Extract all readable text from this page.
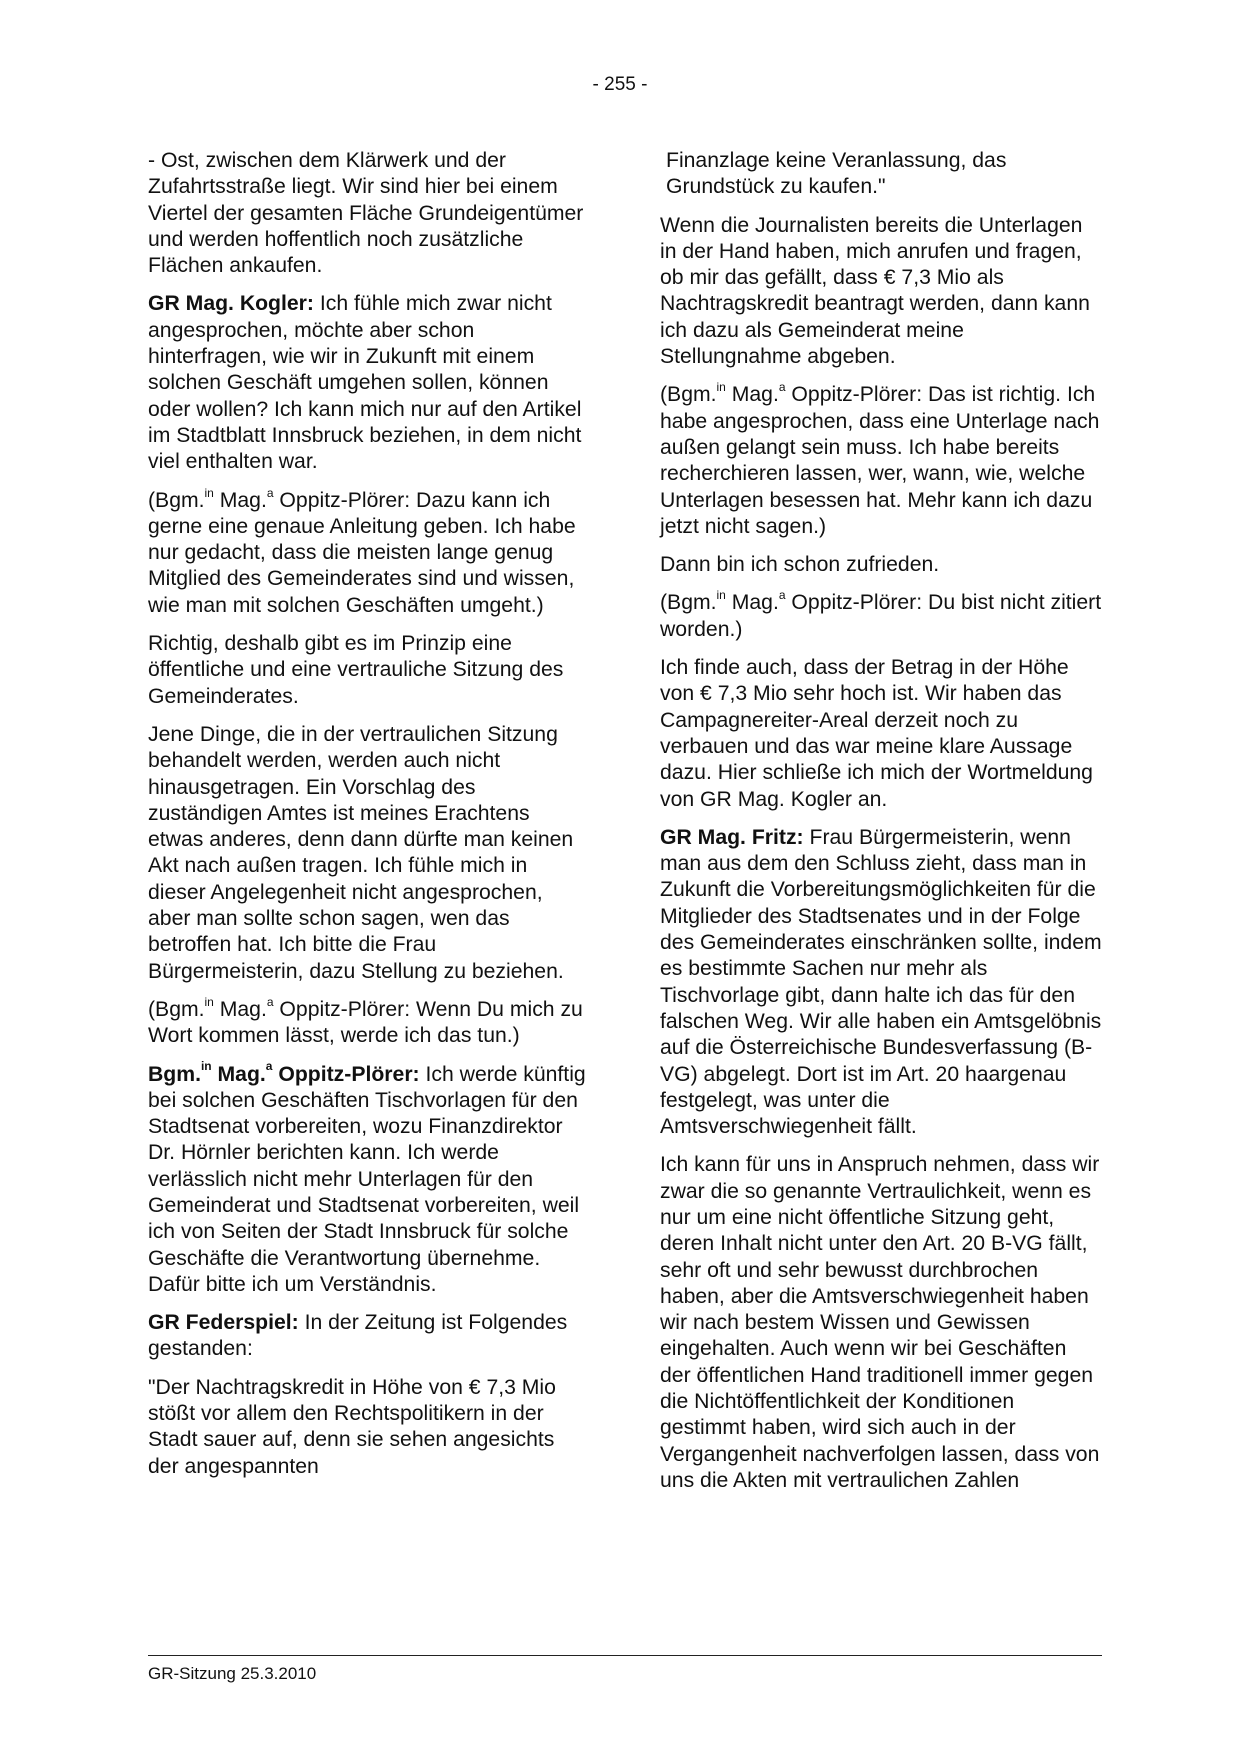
- 255 -

- Ost, zwischen dem Klärwerk und der Zufahrtsstraße liegt. Wir sind hier bei einem Viertel der gesamten Fläche Grundeigentümer und werden hoffentlich noch zusätzliche Flächen ankaufen.

GR Mag. Kogler: Ich fühle mich zwar nicht angesprochen, möchte aber schon hinterfragen, wie wir in Zukunft mit einem solchen Geschäft umgehen sollen, können oder wollen? Ich kann mich nur auf den Artikel im Stadtblatt Innsbruck beziehen, in dem nicht viel enthalten war.

(Bgm.$^{in}$ Mag.$^a$ Oppitz-Plörer: Dazu kann ich gerne eine genaue Anleitung geben. Ich habe nur gedacht, dass die meisten lange genug Mitglied des Gemeinderates sind und wissen, wie man mit solchen Geschäften umgeht.)

Richtig, deshalb gibt es im Prinzip eine öffentliche und eine vertrauliche Sitzung des Gemeinderates.

Jene Dinge, die in der vertraulichen Sitzung behandelt werden, werden auch nicht hinausgetragen. Ein Vorschlag des zuständigen Amtes ist meines Erachtens etwas anderes, denn dann dürfte man keinen Akt nach außen tragen. Ich fühle mich in dieser Angelegenheit nicht angesprochen, aber man sollte schon sagen, wen das betroffen hat. Ich bitte die Frau Bürgermeisterin, dazu Stellung zu beziehen.

(Bgm.$^{in}$ Mag.$^a$ Oppitz-Plörer: Wenn Du mich zu Wort kommen lässt, werde ich das tun.)

Bgm.$^{in}$ Mag.$^a$ Oppitz-Plörer: Ich werde künftig bei solchen Geschäften Tischvorlagen für den Stadtsenat vorbereiten, wozu Finanzdirektor Dr. Hörnler berichten kann. Ich werde verlässlich nicht mehr Unterlagen für den Gemeinderat und Stadtsenat vorbereiten, weil ich von Seiten der Stadt Innsbruck für solche Geschäfte die Verantwortung übernehme. Dafür bitte ich um Verständnis.

GR Federspiel: In der Zeitung ist Folgendes gestanden:

"Der Nachtragskredit in Höhe von € 7,3 Mio stößt vor allem den Rechtspolitikern in der Stadt sauer auf, denn sie sehen angesichts der angespannten

Finanzlage keine Veranlassung, das Grundstück zu kaufen."

Wenn die Journalisten bereits die Unterlagen in der Hand haben, mich anrufen und fragen, ob mir das gefällt, dass € 7,3 Mio als Nachtragskredit beantragt werden, dann kann ich dazu als Gemeinderat meine Stellungnahme abgeben.

(Bgm.$^{in}$ Mag.$^a$ Oppitz-Plörer: Das ist richtig. Ich habe angesprochen, dass eine Unterlage nach außen gelangt sein muss. Ich habe bereits recherchieren lassen, wer, wann, wie, welche Unterlagen besessen hat. Mehr kann ich dazu jetzt nicht sagen.)

Dann bin ich schon zufrieden.

(Bgm.$^{in}$ Mag.$^a$ Oppitz-Plörer: Du bist nicht zitiert worden.)

Ich finde auch, dass der Betrag in der Höhe von € 7,3 Mio sehr hoch ist. Wir haben das Campagnereiter-Areal derzeit noch zu verbauen und das war meine klare Aussage dazu. Hier schließe ich mich der Wortmeldung von GR Mag. Kogler an.

GR Mag. Fritz: Frau Bürgermeisterin, wenn man aus dem den Schluss zieht, dass man in Zukunft die Vorbereitungsmöglichkeiten für die Mitglieder des Stadtsenates und in der Folge des Gemeinderates einschränken sollte, indem es bestimmte Sachen nur mehr als Tischvorlage gibt, dann halte ich das für den falschen Weg. Wir alle haben ein Amtsgelöbnis auf die Österreichische Bundesverfassung (B-VG) abgelegt. Dort ist im Art. 20 haargenau festgelegt, was unter die Amtsverschwiegenheit fällt.

Ich kann für uns in Anspruch nehmen, dass wir zwar die so genannte Vertraulichkeit, wenn es nur um eine nicht öffentliche Sitzung geht, deren Inhalt nicht unter den Art. 20 B-VG fällt, sehr oft und sehr bewusst durchbrochen haben, aber die Amtsverschwiegenheit haben wir nach bestem Wissen und Gewissen eingehalten. Auch wenn wir bei Geschäften der öffentlichen Hand traditionell immer gegen die Nichtöffentlichkeit der Konditionen gestimmt haben, wird sich auch in der Vergangenheit nachverfolgen lassen, dass von uns die Akten mit vertraulichen Zahlen

GR-Sitzung 25.3.2010
